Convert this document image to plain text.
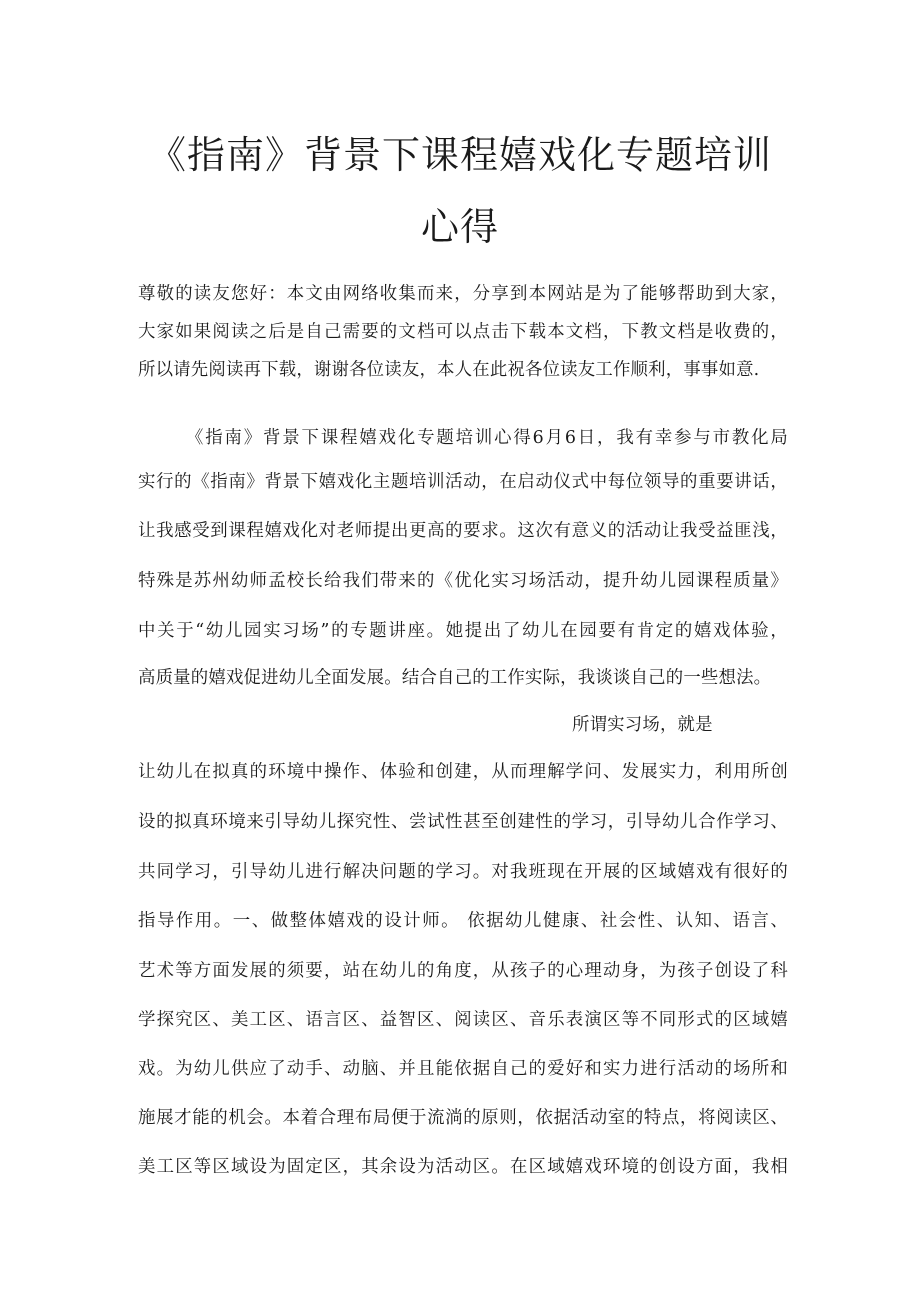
《指南》背景下课程嬉戏化专题培训
心得
尊敬的读友您好：本文由网络收集而来，分享到本网站是为了能够帮助到大家，
大家如果阅读之后是自己需要的文档可以点击下载本文档，下教文档是收费的，
所以请先阅读再下载，谢谢各位读友，本人在此祝各位读友工作顺利，事事如意.
《指南》背景下课程嬉戏化专题培训心得6月6日，我有幸参与市教化局
实行的《指南》背景下嬉戏化主题培训活动，在启动仪式中每位领导的重要讲话，
让我感受到课程嬉戏化对老师提出更高的要求。这次有意义的活动让我受益匪浅，
特殊是苏州幼师孟校长给我们带来的《优化实习场活动，提升幼儿园课程质量》
中关于“幼儿园实习场”的专题讲座。她提出了幼儿在园要有肯定的嬉戏体验，
高质量的嬉戏促进幼儿全面发展。结合自己的工作实际，我谈谈自己的一些想法。
所谓实习场，就是
让幼儿在拟真的环境中操作、体验和创建，从而理解学问、发展实力，利用所创
设的拟真环境来引导幼儿探究性、尝试性甚至创建性的学习，引导幼儿合作学习、
共同学习，引导幼儿进行解决问题的学习。对我班现在开展的区域嬉戏有很好的
指导作用。一、做整体嬉戏的设计师。 依据幼儿健康、社会性、认知、语言、
艺术等方面发展的须要，站在幼儿的角度，从孩子的心理动身，为孩子创设了科
学探究区、美工区、语言区、益智区、阅读区、音乐表演区等不同形式的区域嬉
戏。为幼儿供应了动手、动脑、并且能依据自己的爱好和实力进行活动的场所和
施展才能的机会。本着合理布局便于流淌的原则，依据活动室的特点，将阅读区、
美工区等区域设为固定区，其余设为活动区。在区域嬉戏环境的创设方面，我相
